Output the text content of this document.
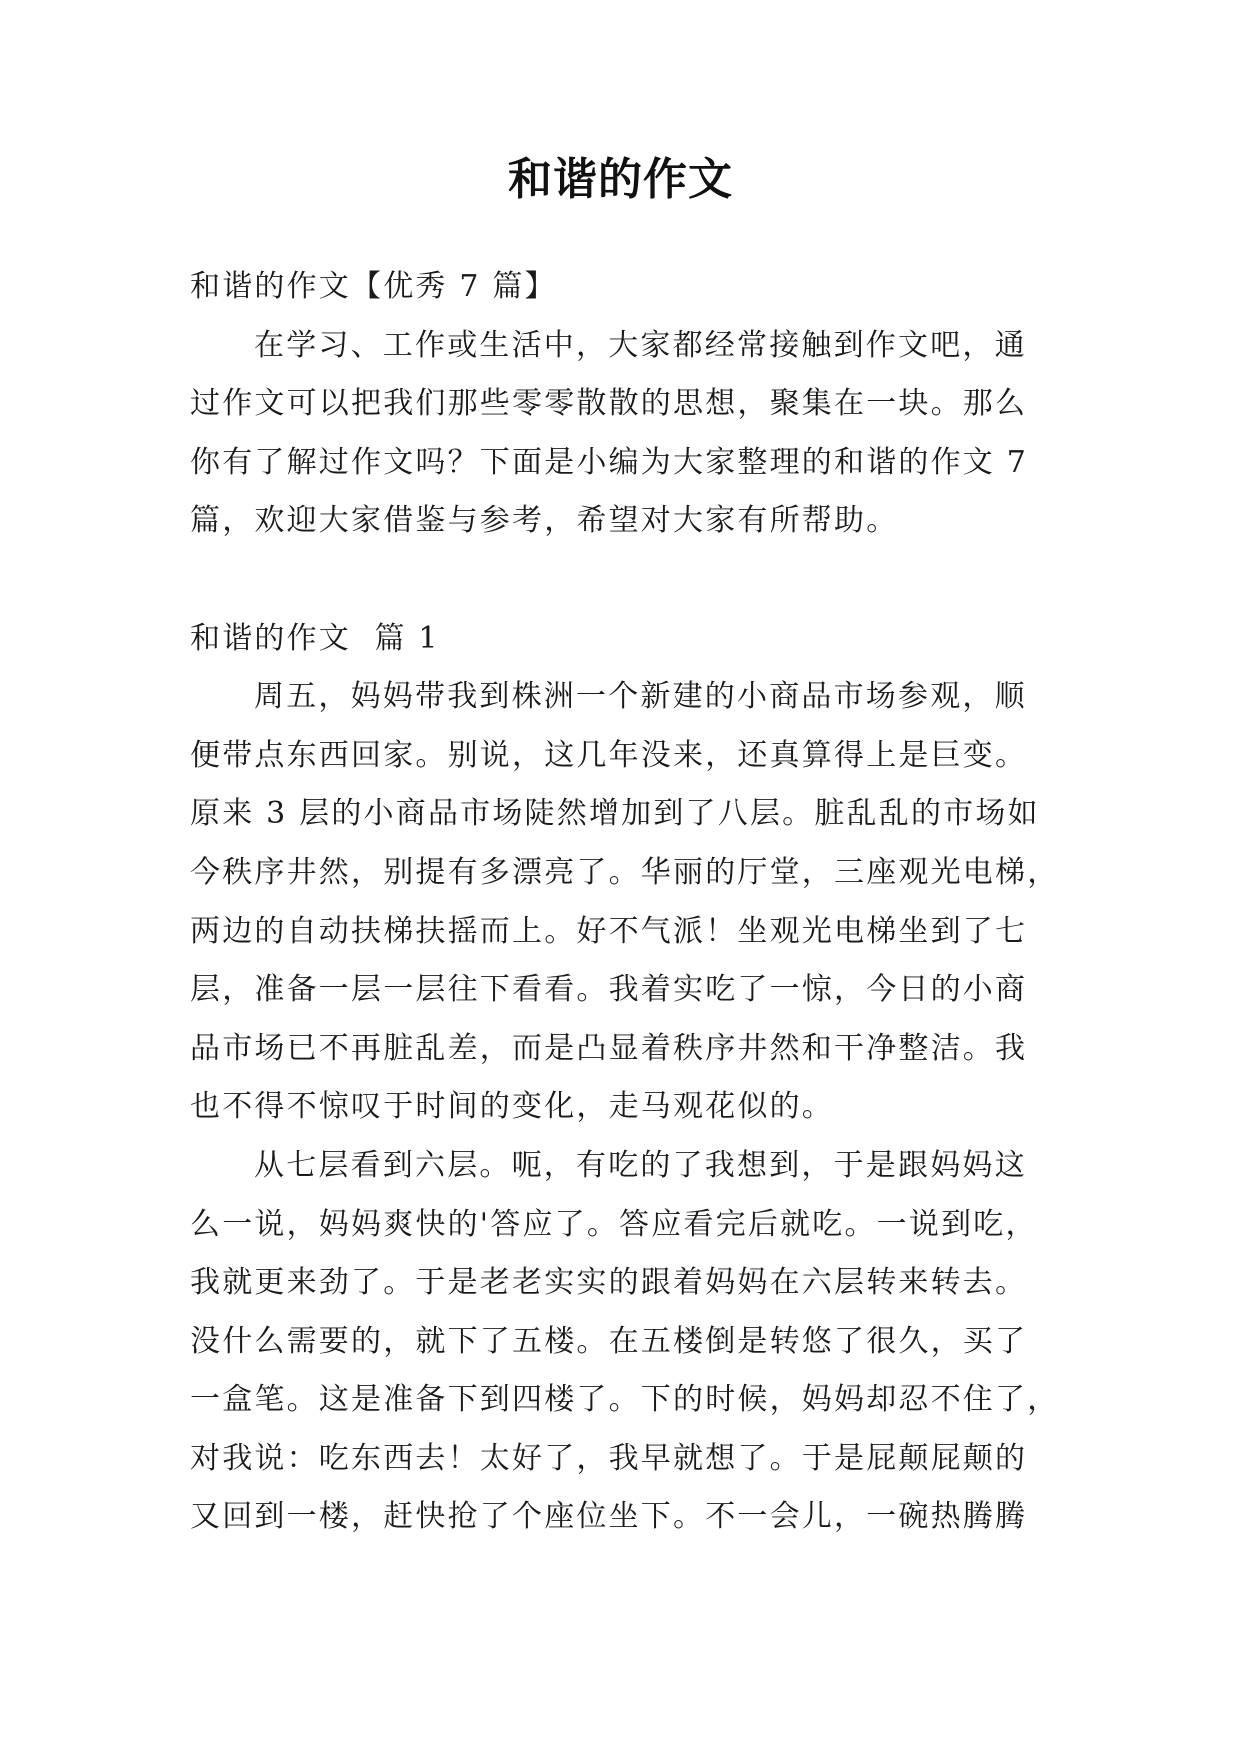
和谐的作文
和谐的作文【优秀 7 篇】
在学习、工作或生活中，大家都经常接触到作文吧，通
过作文可以把我们那些零零散散的思想，聚集在一块。那么
你有了解过作文吗？下面是小编为大家整理的和谐的作文 7
篇，欢迎大家借鉴与参考，希望对大家有所帮助。
和谐的作文  篇 1
周五，妈妈带我到株洲一个新建的小商品市场参观，顺
便带点东西回家。别说，这几年没来，还真算得上是巨变。
原来 3 层的小商品市场陡然增加到了八层。脏乱乱的市场如
今秩序井然，别提有多漂亮了。华丽的厅堂，三座观光电梯，
两边的自动扶梯扶摇而上。好不气派！坐观光电梯坐到了七
层，准备一层一层往下看看。我着实吃了一惊，今日的小商
品市场已不再脏乱差，而是凸显着秩序井然和干净整洁。我
也不得不惊叹于时间的变化，走马观花似的。
从七层看到六层。呃，有吃的了我想到，于是跟妈妈这
么一说，妈妈爽快的'答应了。答应看完后就吃。一说到吃，
我就更来劲了。于是老老实实的跟着妈妈在六层转来转去。
没什么需要的，就下了五楼。在五楼倒是转悠了很久，买了
一盒笔。这是准备下到四楼了。下的时候，妈妈却忍不住了，
对我说：吃东西去！太好了，我早就想了。于是屁颠屁颠的
又回到一楼，赶快抢了个座位坐下。不一会儿，一碗热腾腾
